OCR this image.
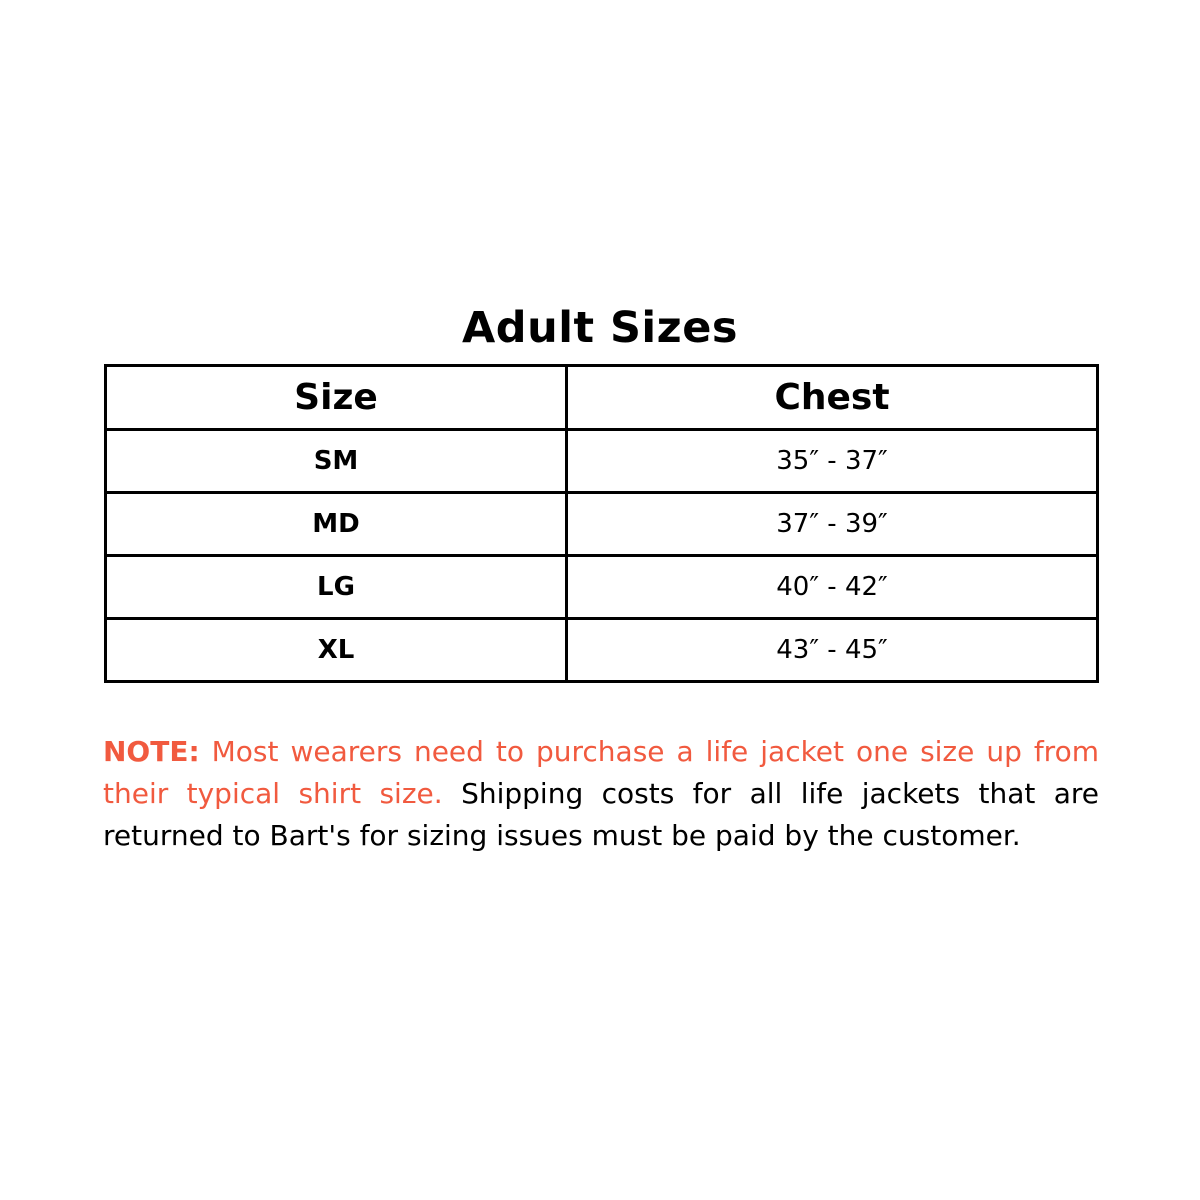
Adult Sizes
Size	Chest
SM	35″ - 37″
MD	37″ - 39″
LG	40″ - 42″
XL	43″ - 45″

NOTE: Most wearers need to purchase a life jacket one size up from their typical shirt size. Shipping costs for all life jackets that are returned to Bart's for sizing issues must be paid by the customer.
